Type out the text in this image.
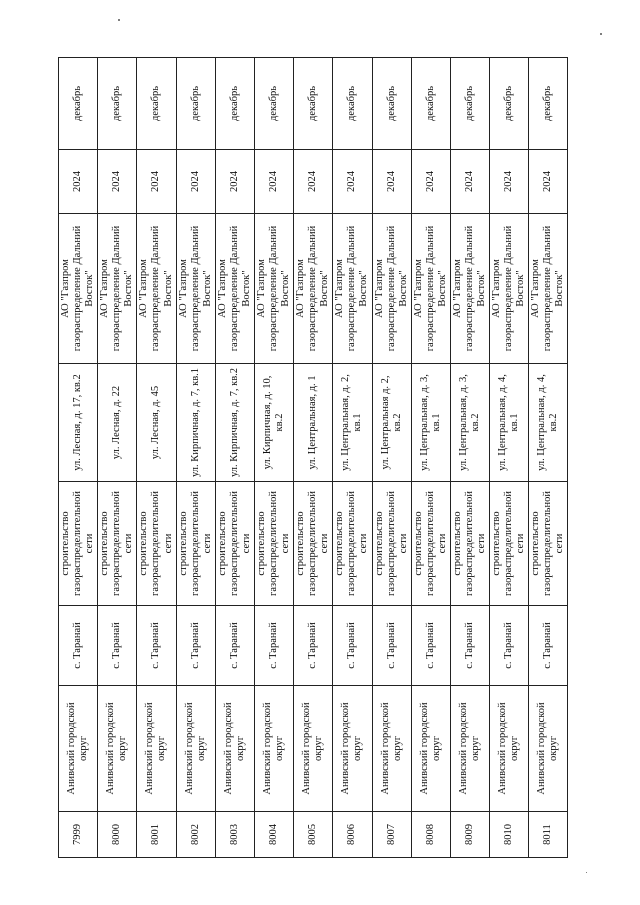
7999	Анивский городской округ	с. Таранай	строительство газораспределительной сети	ул. Лесная, д. 17, кв.2	АО "Газпром газораспределение Дальний Восток"	2024	декабрь
8000	Анивский городской округ	с. Таранай	строительство газораспределительной сети	ул. Лесная, д. 22	АО "Газпром газораспределение Дальний Восток"	2024	декабрь
8001	Анивский городской округ	с. Таранай	строительство газораспределительной сети	ул. Лесная, д. 45	АО "Газпром газораспределение Дальний Восток"	2024	декабрь
8002	Анивский городской округ	с. Таранай	строительство газораспределительной сети	ул. Кирпичная, д. 7, кв.1	АО "Газпром газораспределение Дальний Восток"	2024	декабрь
8003	Анивский городской округ	с. Таранай	строительство газораспределительной сети	ул. Кирпичная, д. 7, кв.2	АО "Газпром газораспределение Дальний Восток"	2024	декабрь
8004	Анивский городской округ	с. Таранай	строительство газораспределительной сети	ул. Кирпичная, д. 10, кв.2	АО "Газпром газораспределение Дальний Восток"	2024	декабрь
8005	Анивский городской округ	с. Таранай	строительство газораспределительной сети	ул. Центральная, д. 1	АО "Газпром газораспределение Дальний Восток"	2024	декабрь
8006	Анивский городской округ	с. Таранай	строительство газораспределительной сети	ул. Центральная, д. 2, кв.1	АО "Газпром газораспределение Дальний Восток"	2024	декабрь
8007	Анивский городской округ	с. Таранай	строительство газораспределительной сети	ул. Центральная д. 2, кв.2	АО "Газпром газораспределение Дальний Восток"	2024	декабрь
8008	Анивский городской округ	с. Таранай	строительство газораспределительной сети	ул. Центральная, д. 3, кв.1	АО "Газпром газораспределение Дальний Восток"	2024	декабрь
8009	Анивский городской округ	с. Таранай	строительство газораспределительной сети	ул. Центральная, д. 3, кв.2	АО "Газпром газораспределение Дальний Восток"	2024	декабрь
8010	Анивский городской округ	с. Таранай	строительство газораспределительной сети	ул. Центральная, д. 4, кв.1	АО "Газпром газораспределение Дальний Восток"	2024	декабрь
8011	Анивский городской округ	с. Таранай	строительство газораспределительной сети	ул. Центральная, д. 4, кв.2	АО "Газпром газораспределение Дальний Восток"	2024	декабрь
